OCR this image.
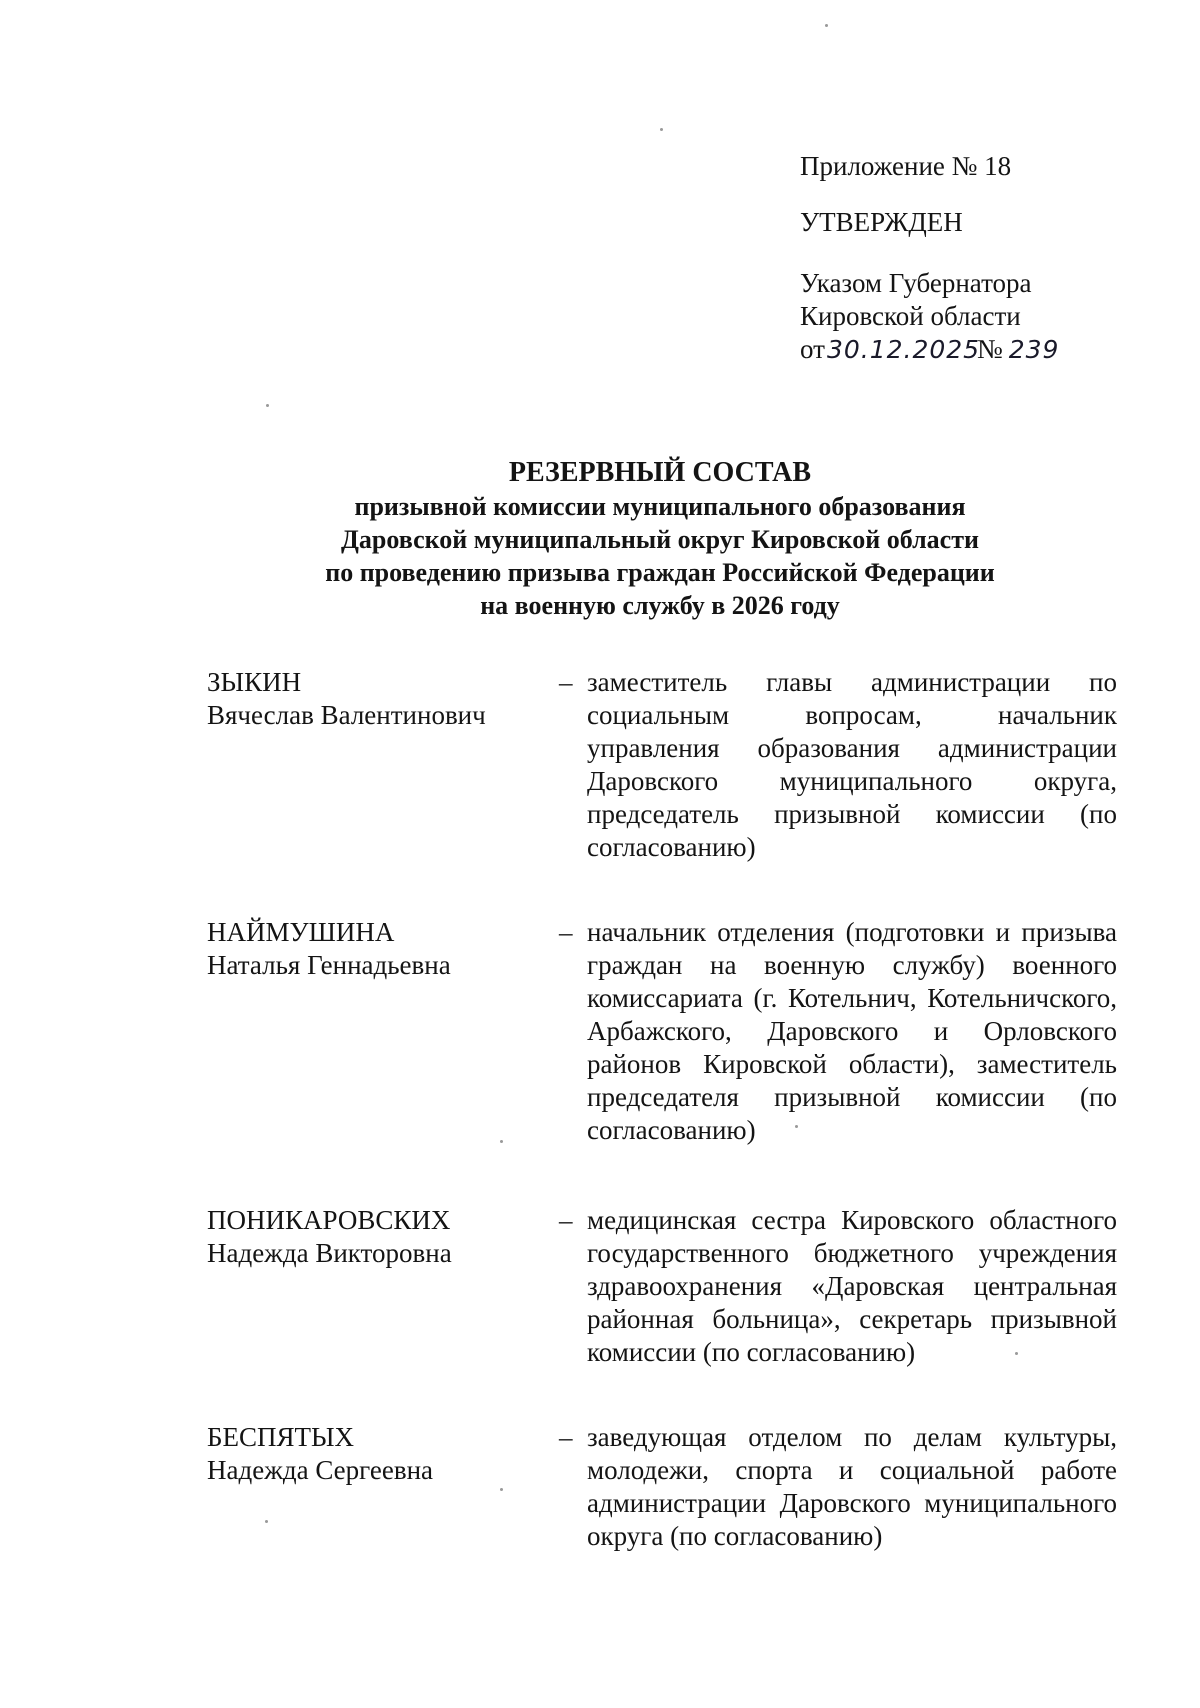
Приложение № 18
УТВЕРЖДЕН
Указом Губернатора
Кировской области
от30.12.2025№ 239
РЕЗЕРВНЫЙ СОСТАВ
призывной комиссии муниципального образования
Даровской муниципальный округ Кировской области
по проведению призыва граждан Российской Федерации
на военную службу в 2026 году
ЗЫКИН
Вячеслав Валентинович
– заместитель главы администрации по социальным вопросам, начальник управления образования администрации Даровского муниципального округа, председатель призывной комиссии (по согласованию)
НАЙМУШИНА
Наталья Геннадьевна
– начальник отделения (подготовки и призыва граждан на военную службу) военного комиссариата (г. Котельнич, Котельничского, Арбажского, Даровского и Орловского районов Кировской области), заместитель председателя призывной комиссии (по согласованию)
ПОНИКАРОВСКИХ
Надежда Викторовна
– медицинская сестра Кировского областного государственного бюджетного учреждения здравоохранения «Даровская центральная районная больница», секретарь призывной комиссии (по согласованию)
БЕСПЯТЫХ
Надежда Сергеевна
– заведующая отделом по делам культуры, молодежи, спорта и социальной работе администрации Даровского муниципального округа (по согласованию)
